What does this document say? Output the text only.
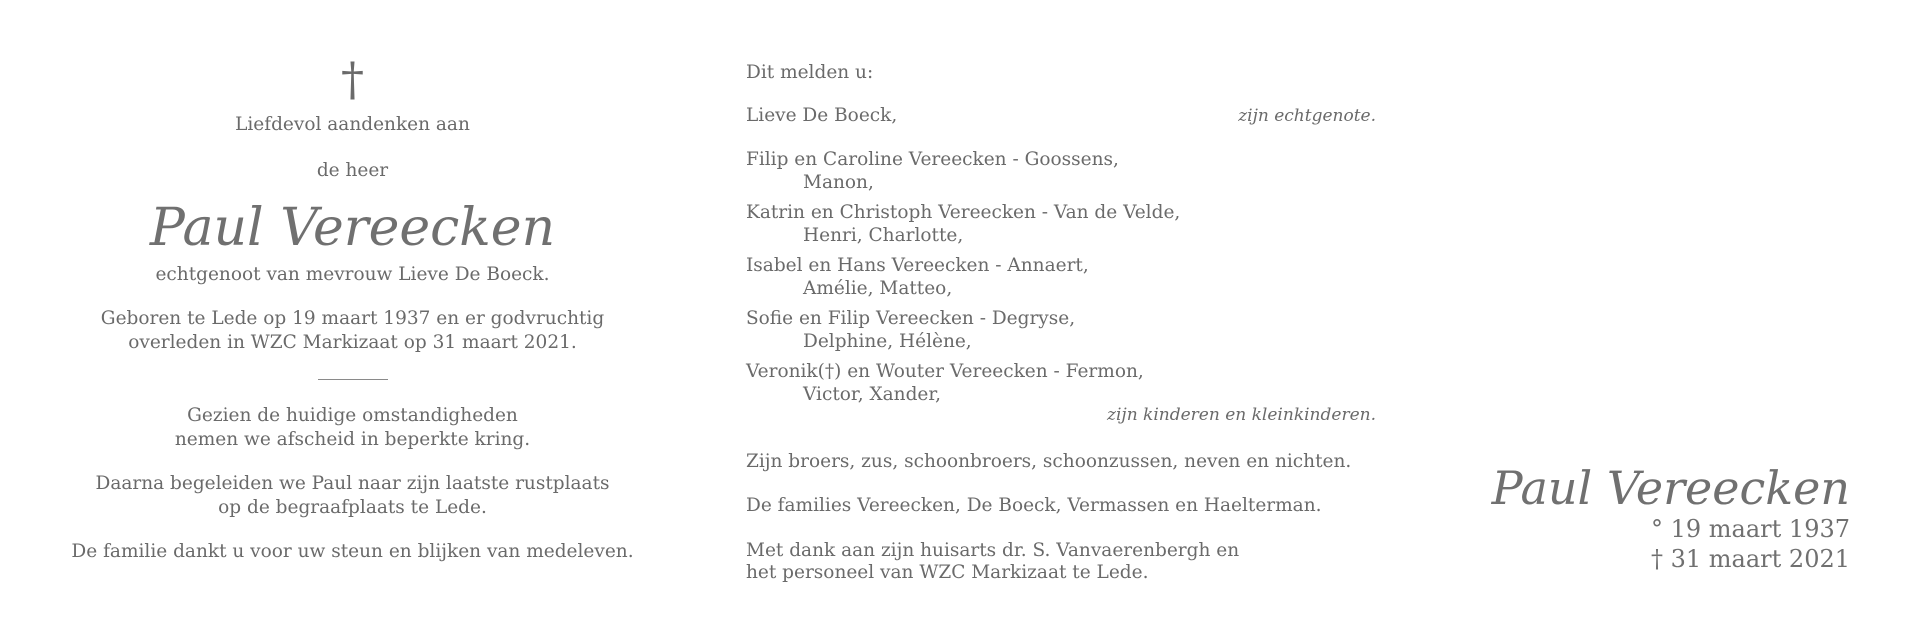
†

Liefdevol aandenken aan

de heer

Paul Vereecken

echtgenoot van mevrouw Lieve De Boeck.

Geboren te Lede op 19 maart 1937 en er godvruchtig

overleden in WZC Markizaat op 31 maart 2021.

Gezien de huidige omstandigheden

nemen we afscheid in beperkte kring.

Daarna begeleiden we Paul naar zijn laatste rustplaats

op de begraafplaats te Lede.

De familie dankt u voor uw steun en blijken van medeleven.

Dit melden u:

Lieve De Boeck,	zijn echtgenote.

Filip en Caroline Vereecken - Goossens,

Manon,

Katrin en Christoph Vereecken - Van de Velde,

Henri, Charlotte,

Isabel en Hans Vereecken - Annaert,

Amélie, Matteo,

Sofie en Filip Vereecken - Degryse,

Delphine, Hélène,

Veronik(†) en Wouter Vereecken - Fermon,

Victor, Xander,

zijn kinderen en kleinkinderen.

Zijn broers, zus, schoonbroers, schoonzussen, neven en nichten.

De families Vereecken, De Boeck, Vermassen en Haelterman.

Met dank aan zijn huisarts dr. S. Vanvaerenbergh en

het personeel van WZC Markizaat te Lede.

Paul Vereecken
° 19 maart 1937
† 31 maart 2021
